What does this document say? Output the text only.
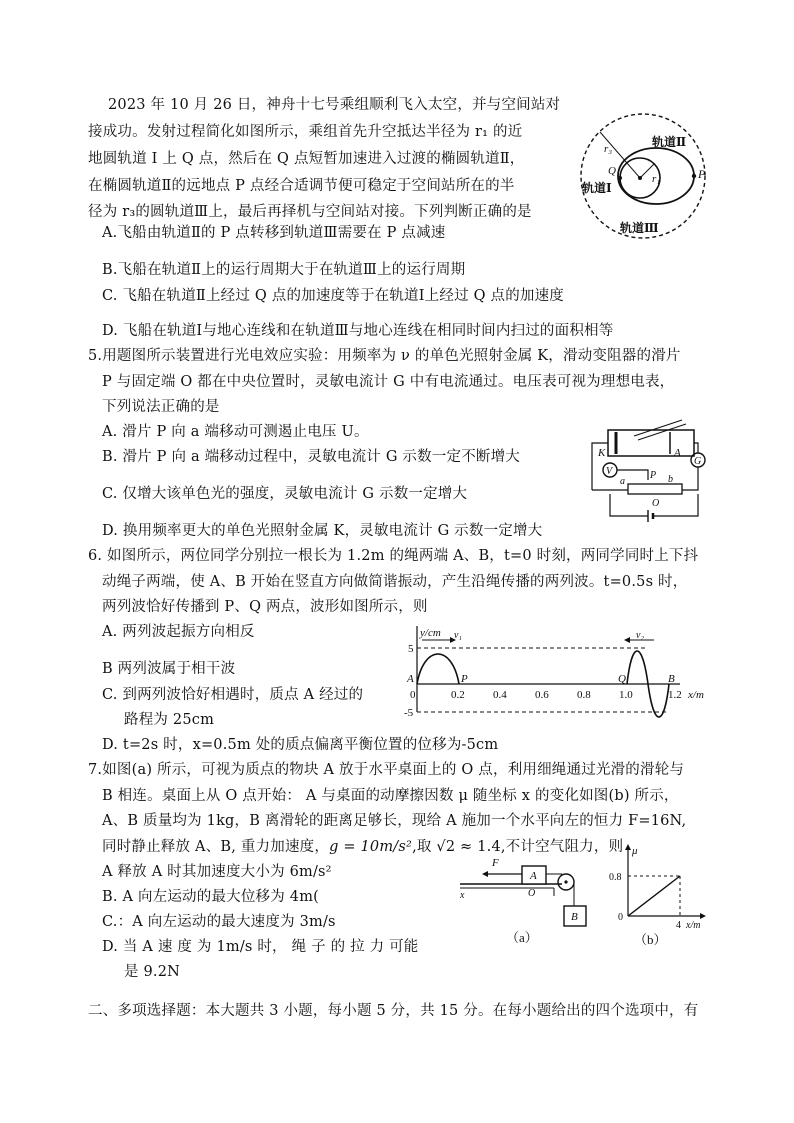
2023 年 10 月 26 日，神舟十七号乘组顺利飞入太空，并与空间站对
接成功。发射过程简化如图所示，乘组首先升空抵达半径为 r₁ 的近
地圆轨道 Ⅰ 上 Q 点，然后在 Q 点短暂加速进入过渡的椭圆轨道Ⅱ，
在椭圆轨道Ⅱ的远地点 P 点经合适调节便可稳定于空间站所在的半
径为 r₃的圆轨道Ⅲ上，最后再择机与空间站对接。下列判断正确的是
A.飞船由轨道Ⅱ的 P 点转移到轨道Ⅲ需要在 P 点减速
B.飞船在轨道Ⅱ上的运行周期大于在轨道Ⅲ上的运行周期
C. 飞船在轨道Ⅱ上经过 Q 点的加速度等于在轨道Ⅰ上经过 Q 点的加速度
D. 飞船在轨道Ⅰ与地心连线和在轨道Ⅲ与地心连线在相同时间内扫过的面积相等
轨道Ⅱ
轨道Ⅰ
轨道Ⅲ
r₃
r₁	P
Q
5.用题图所示装置进行光电效应实验：用频率为 ν 的单色光照射金属 K，滑动变阻器的滑片
P 与固定端 O 都在中央位置时，灵敏电流计 G 中有电流通过。电压表可视为理想电表，
下列说法正确的是
A. 滑片 P 向 a 端移动可测遏止电压 U。
B. 滑片 P 向 a 端移动过程中，灵敏电流计 G 示数一定不断增大
C. 仅增大该单色光的强度，灵敏电流计 G 示数一定增大
D. 换用频率更大的单色光照射金属 K，灵敏电流计 G 示数一定增大
K	A
G
V
a	b
P
O
6. 如图所示，两位同学分别拉一根长为 1.2m 的绳两端 A、B，t=0 时刻，两同学同时上下抖
动绳子两端，使 A、B 开始在竖直方向做简谐振动，产生沿绳传播的两列波。t=0.5s 时，
两列波恰好传播到 P、Q 两点，波形如图所示，则
A. 两列波起振方向相反
B 两列波属于相干波
C. 到两列波恰好相遇时，质点 A 经过的
路程为 25cm
D. t=2s 时，x=0.5m 处的质点偏离平衡位置的位移为-5cm
y/cm
x/m
5
-5
v₁	v₂
A
0
P	Q	B
0.2	0.4	0.6	0.8	1.0	1.2
7.如图(a) 所示，可视为质点的物块 A 放于水平桌面上的 O 点，利用细绳通过光滑的滑轮与
B 相连。桌面上从 O 点开始： A 与桌面的动摩擦因数 μ 随坐标 x 的变化如图(b) 所示，
A、B 质量均为 1kg，B 离滑轮的距离足够长，现给 A 施加一个水平向左的恒力 F=16N,
同时静止释放 A、B, 重力加速度，g = 10m/s²,取 √2 ≈ 1.4,不计空气阻力，则
A 释放 A 时其加速度大小为 6m/s²
B. A 向左运动的最大位移为 4m(
C.：A 向左运动的最大速度为 3m/s
D. 当 A 速 度 为 1m/s 时， 绳 子 的 拉 力 可能
是 9.2N
x
A
F
O
B
（a）
μ
0.8
0
4 x/m
（b）
二、多项选择题：本大题共 3 小题，每小题 5 分，共 15 分。在每小题给出的四个选项中，有
